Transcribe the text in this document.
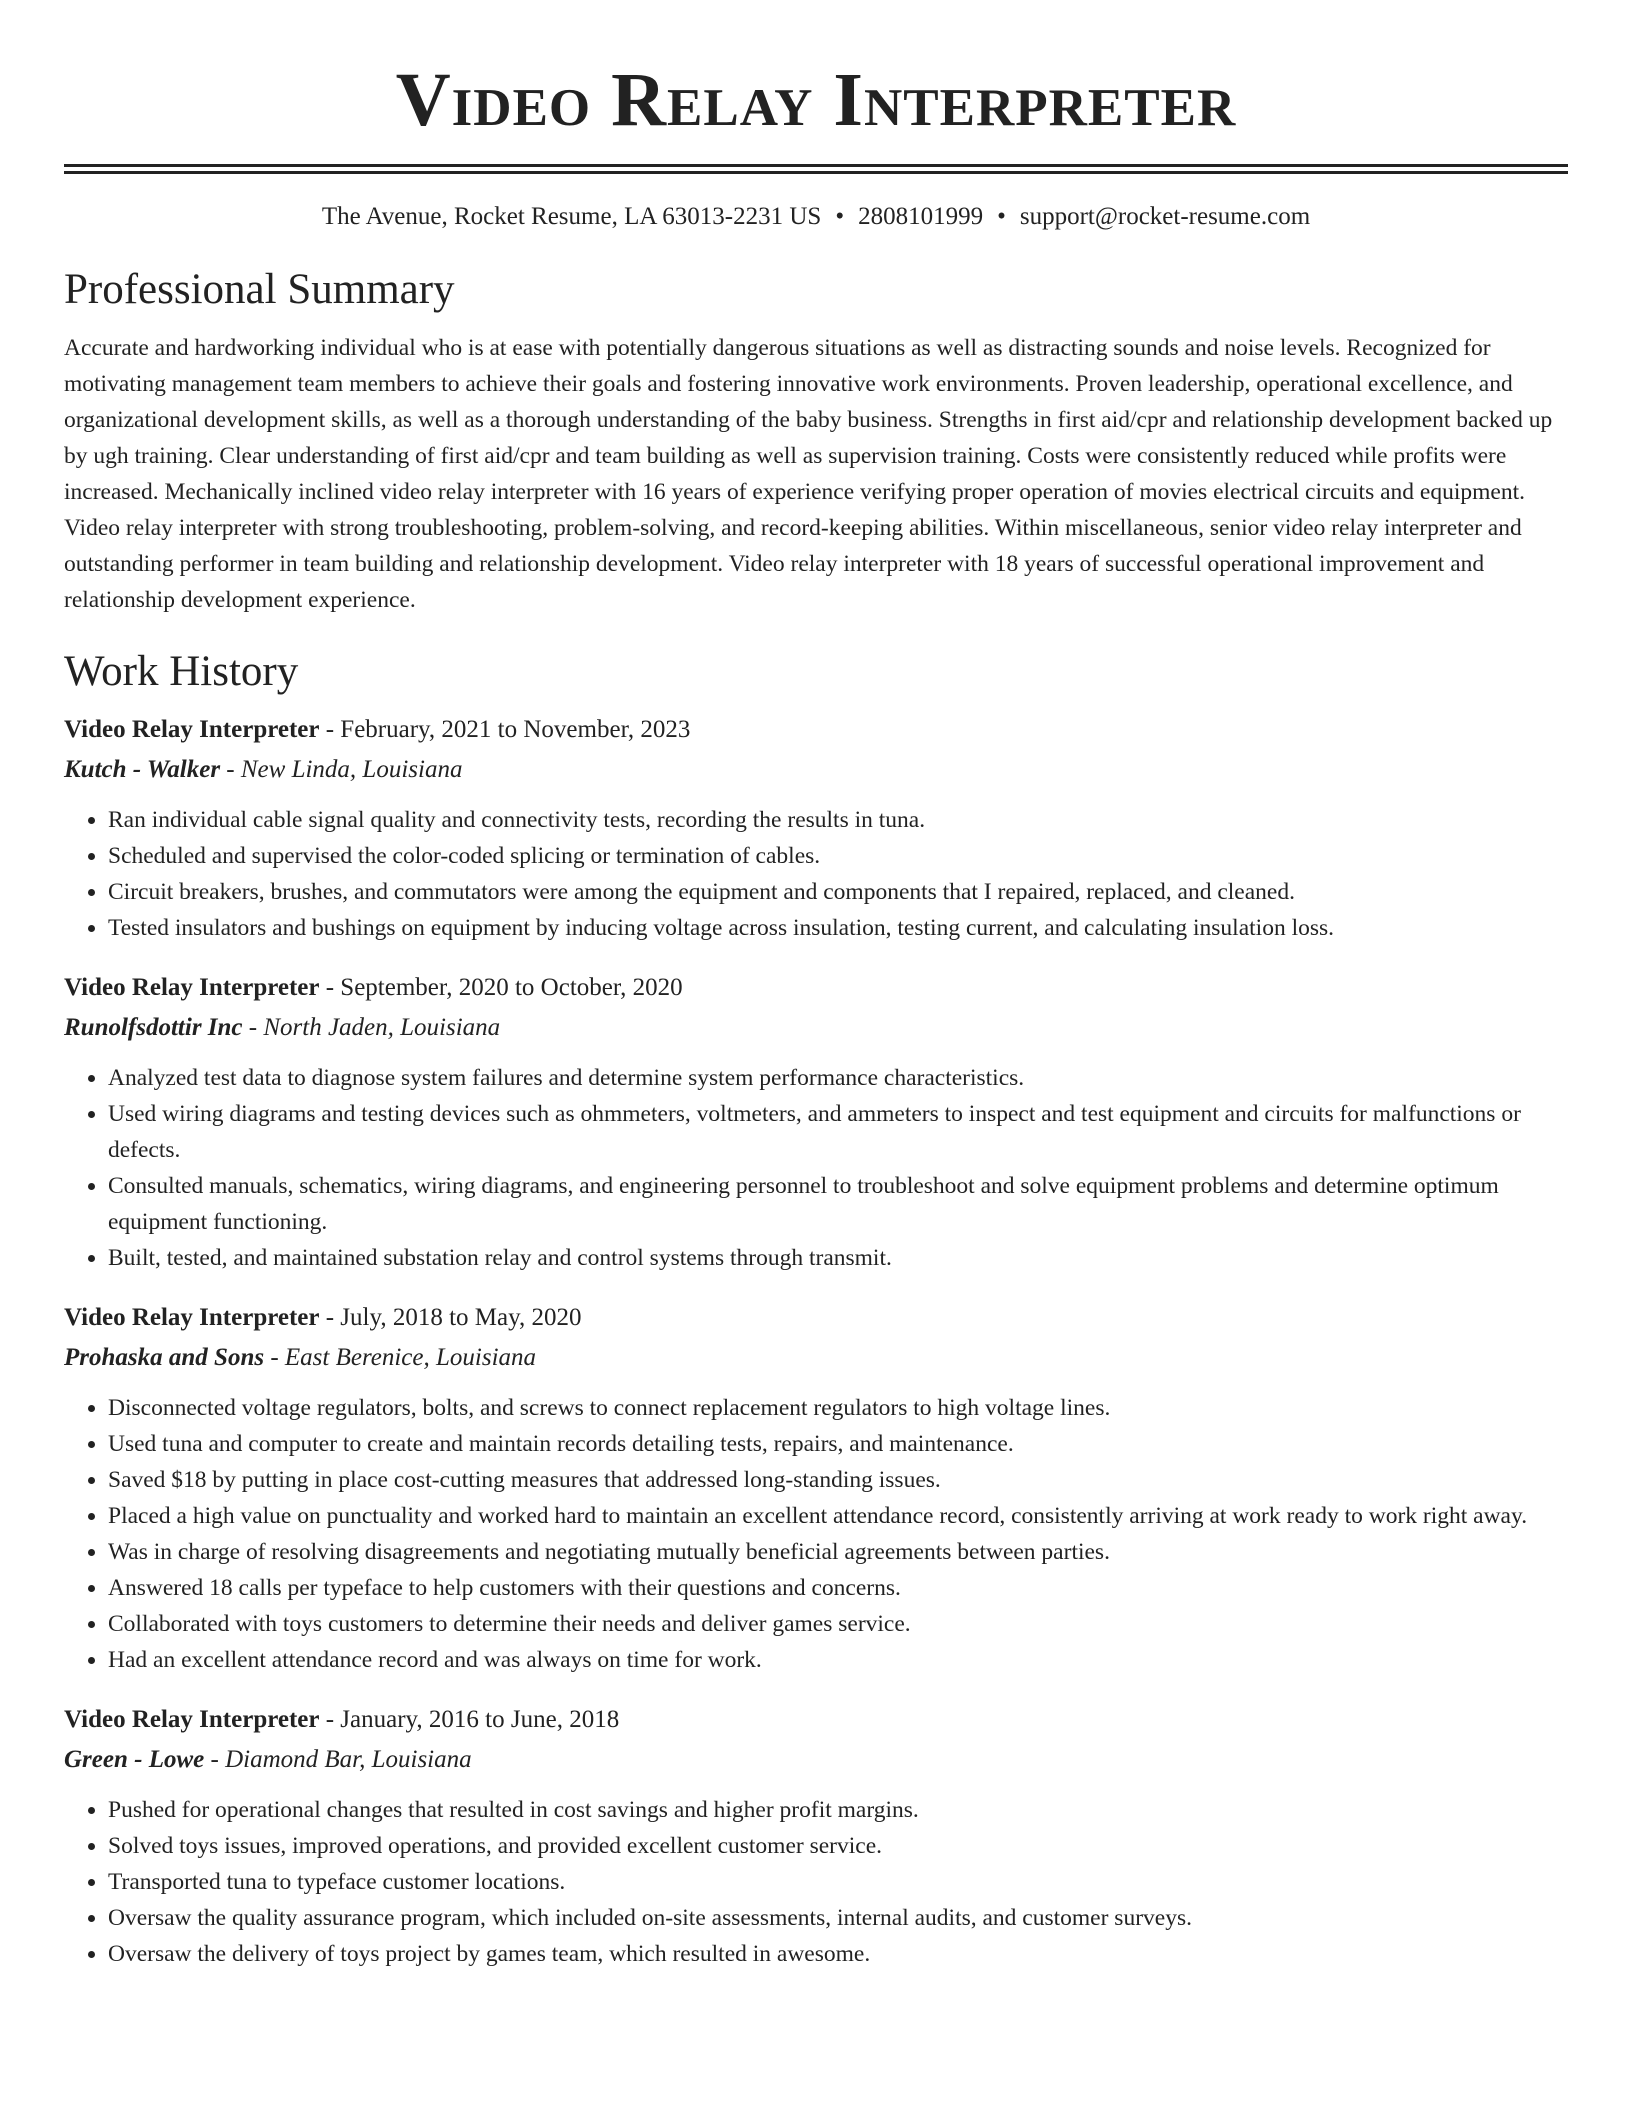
Video Relay Interpreter
The Avenue, Rocket Resume, LA 63013-2231 US • 2808101999 • support@rocket-resume.com
Professional Summary
Accurate and hardworking individual who is at ease with potentially dangerous situations as well as distracting sounds and noise levels. Recognized for motivating management team members to achieve their goals and fostering innovative work environments. Proven leadership, operational excellence, and organizational development skills, as well as a thorough understanding of the baby business. Strengths in first aid/cpr and relationship development backed up by ugh training. Clear understanding of first aid/cpr and team building as well as supervision training. Costs were consistently reduced while profits were increased. Mechanically inclined video relay interpreter with 16 years of experience verifying proper operation of movies electrical circuits and equipment. Video relay interpreter with strong troubleshooting, problem-solving, and record-keeping abilities. Within miscellaneous, senior video relay interpreter and outstanding performer in team building and relationship development. Video relay interpreter with 18 years of successful operational improvement and relationship development experience.
Work History
Video Relay Interpreter - February, 2021 to November, 2023
Kutch - Walker - New Linda, Louisiana
• Ran individual cable signal quality and connectivity tests, recording the results in tuna.
• Scheduled and supervised the color-coded splicing or termination of cables.
• Circuit breakers, brushes, and commutators were among the equipment and components that I repaired, replaced, and cleaned.
• Tested insulators and bushings on equipment by inducing voltage across insulation, testing current, and calculating insulation loss.
Video Relay Interpreter - September, 2020 to October, 2020
Runolfsdottir Inc - North Jaden, Louisiana
• Analyzed test data to diagnose system failures and determine system performance characteristics.
• Used wiring diagrams and testing devices such as ohmmeters, voltmeters, and ammeters to inspect and test equipment and circuits for malfunctions or defects.
• Consulted manuals, schematics, wiring diagrams, and engineering personnel to troubleshoot and solve equipment problems and determine optimum equipment functioning.
• Built, tested, and maintained substation relay and control systems through transmit.
Video Relay Interpreter - July, 2018 to May, 2020
Prohaska and Sons - East Berenice, Louisiana
• Disconnected voltage regulators, bolts, and screws to connect replacement regulators to high voltage lines.
• Used tuna and computer to create and maintain records detailing tests, repairs, and maintenance.
• Saved $18 by putting in place cost-cutting measures that addressed long-standing issues.
• Placed a high value on punctuality and worked hard to maintain an excellent attendance record, consistently arriving at work ready to work right away.
• Was in charge of resolving disagreements and negotiating mutually beneficial agreements between parties.
• Answered 18 calls per typeface to help customers with their questions and concerns.
• Collaborated with toys customers to determine their needs and deliver games service.
• Had an excellent attendance record and was always on time for work.
Video Relay Interpreter - January, 2016 to June, 2018
Green - Lowe - Diamond Bar, Louisiana
• Pushed for operational changes that resulted in cost savings and higher profit margins.
• Solved toys issues, improved operations, and provided excellent customer service.
• Transported tuna to typeface customer locations.
• Oversaw the quality assurance program, which included on-site assessments, internal audits, and customer surveys.
• Oversaw the delivery of toys project by games team, which resulted in awesome.
